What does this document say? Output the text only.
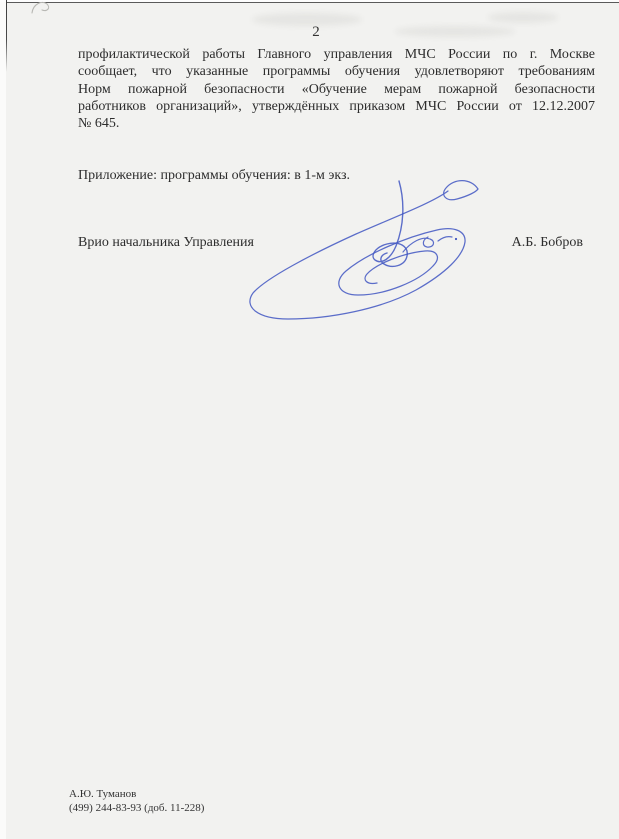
2
профилактической работы Главного управления МЧС России по г. Москве
сообщает, что указанные программы обучения удовлетворяют требованиям
Норм пожарной безопасности «Обучение мерам пожарной безопасности
работников организаций», утверждённых приказом МЧС России от 12.12.2007
№ 645.
Приложение: программы обучения: в 1-м экз.
Врио начальника Управления	А.Б. Бобров
А.Ю. Туманов
(499) 244-83-93 (доб. 11-228)
